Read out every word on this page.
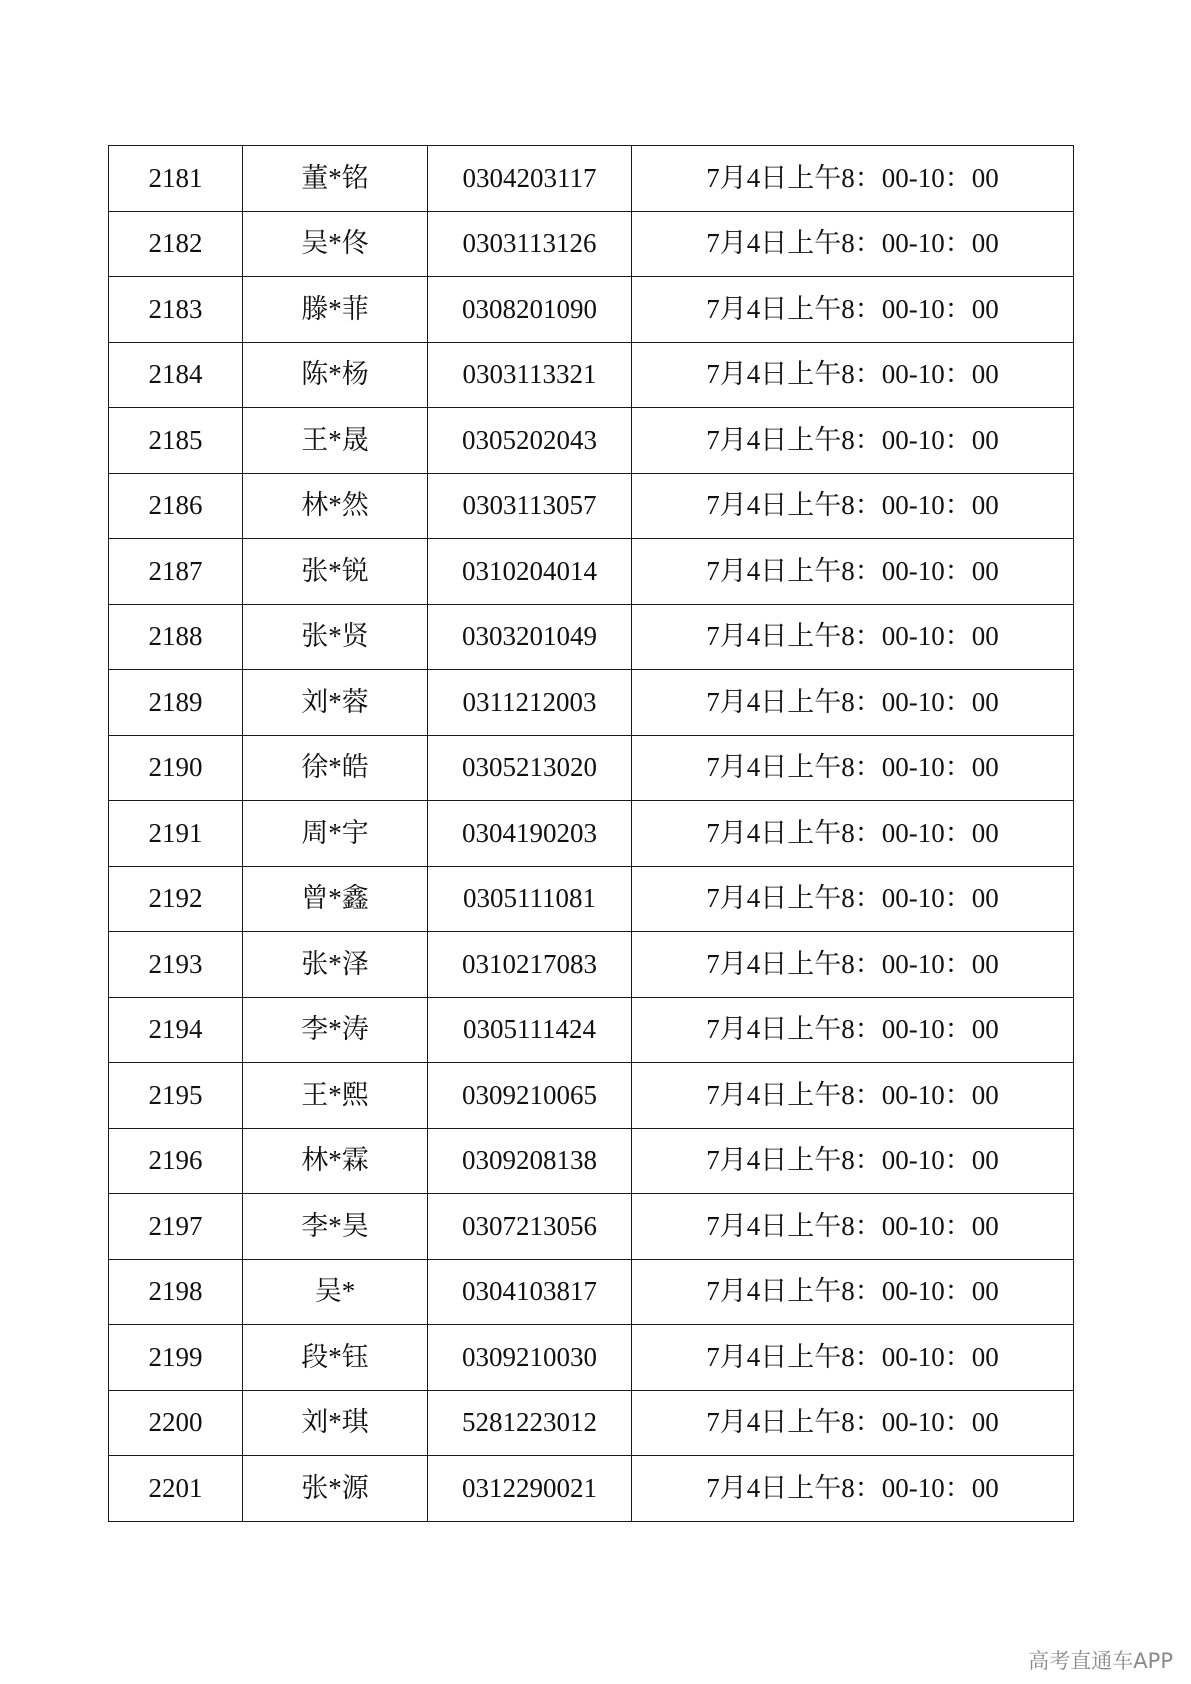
2181	董*铭	0304203117	7月4日上午8：00-10：00
2182	吴*佟	0303113126	7月4日上午8：00-10：00
2183	滕*菲	0308201090	7月4日上午8：00-10：00
2184	陈*杨	0303113321	7月4日上午8：00-10：00
2185	王*晟	0305202043	7月4日上午8：00-10：00
2186	林*然	0303113057	7月4日上午8：00-10：00
2187	张*锐	0310204014	7月4日上午8：00-10：00
2188	张*贤	0303201049	7月4日上午8：00-10：00
2189	刘*蓉	0311212003	7月4日上午8：00-10：00
2190	徐*皓	0305213020	7月4日上午8：00-10：00
2191	周*宇	0304190203	7月4日上午8：00-10：00
2192	曾*鑫	0305111081	7月4日上午8：00-10：00
2193	张*泽	0310217083	7月4日上午8：00-10：00
2194	李*涛	0305111424	7月4日上午8：00-10：00
2195	王*熙	0309210065	7月4日上午8：00-10：00
2196	林*霖	0309208138	7月4日上午8：00-10：00
2197	李*昊	0307213056	7月4日上午8：00-10：00
2198	吴*	0304103817	7月4日上午8：00-10：00
2199	段*钰	0309210030	7月4日上午8：00-10：00
2200	刘*琪	5281223012	7月4日上午8：00-10：00
2201	张*源	0312290021	7月4日上午8：00-10：00
高考直通车APP
